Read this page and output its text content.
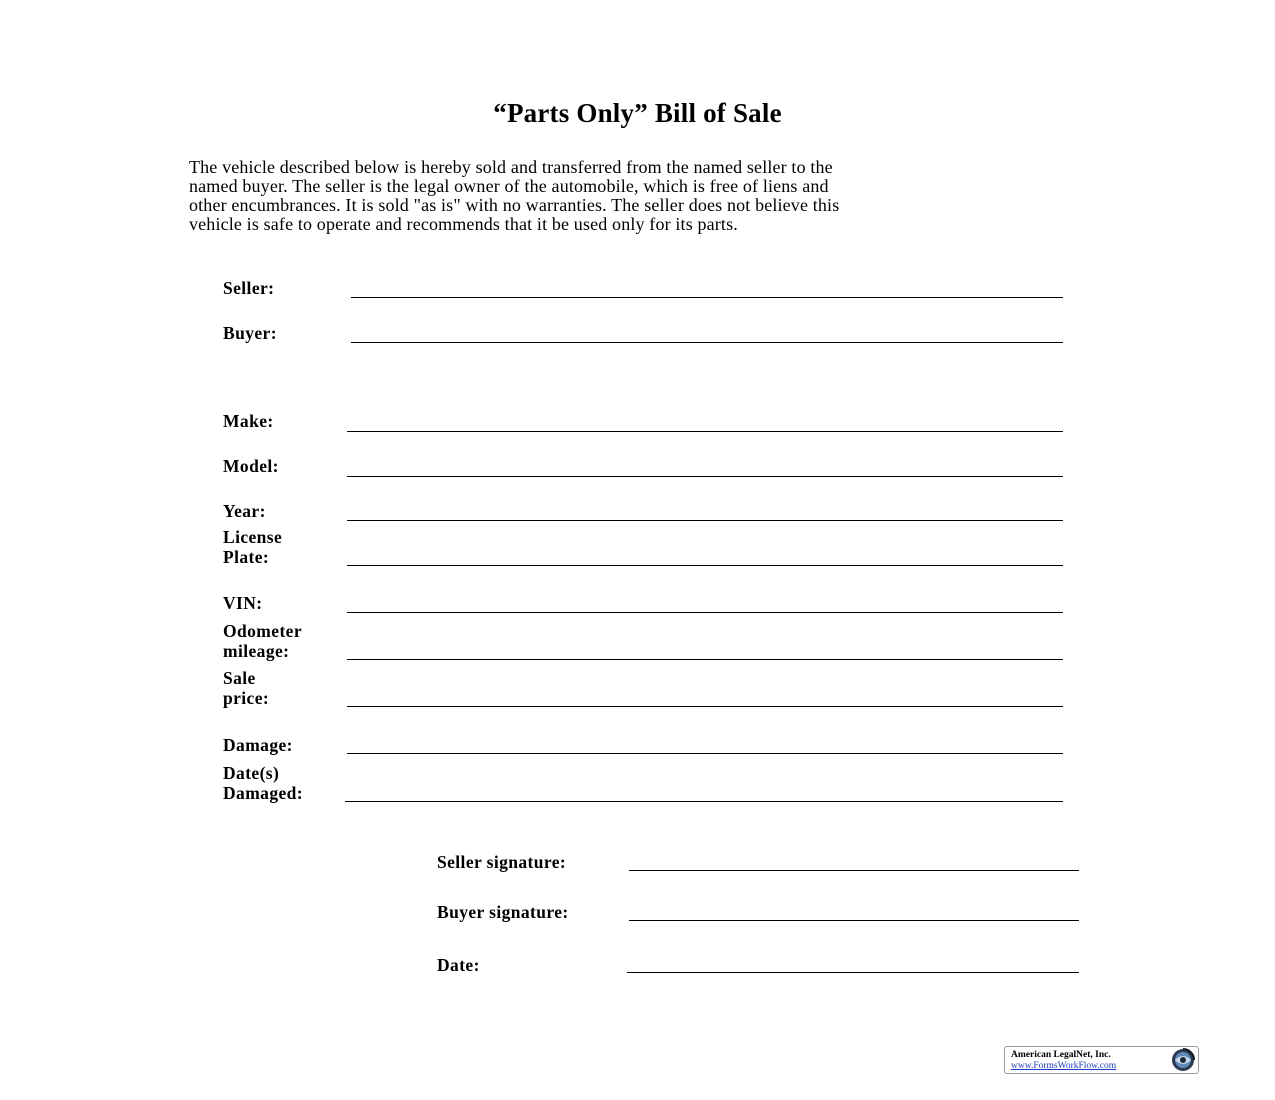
“Parts Only” Bill of Sale
The vehicle described below is hereby sold and transferred from the named seller to the
named buyer. The seller is the legal owner of the automobile, which is free of liens and
other encumbrances. It is sold "as is" with no warranties. The seller does not believe this
vehicle is safe to operate and recommends that it be used only for its parts.
Seller:
Buyer:
Make:
Model:
Year:
License
Plate:
VIN:
Odometer
mileage:
Sale
price:
Damage:
Date(s)
Damaged:
Seller signature:
Buyer signature:
Date:
American LegalNet, Inc.
www.FormsWorkFlow.com
